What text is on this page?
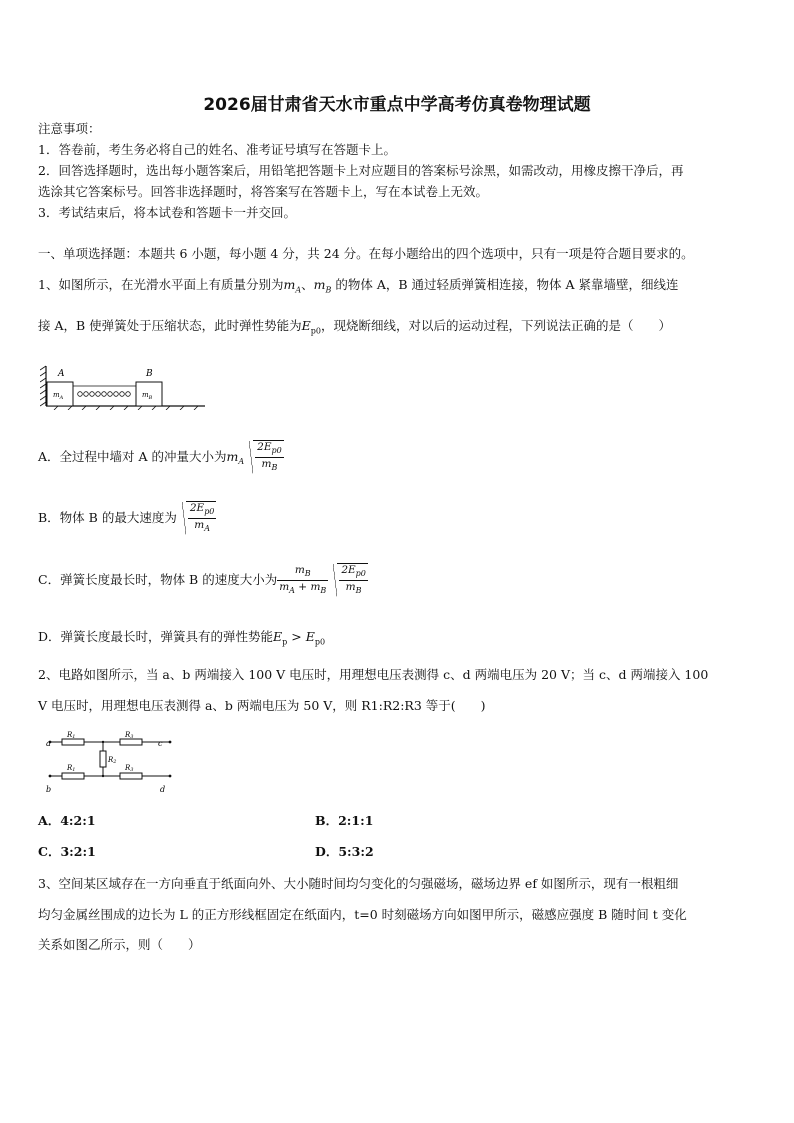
2026届甘肃省天水市重点中学高考仿真卷物理试题
注意事项：
1．答卷前，考生务必将自己的姓名、准考证号填写在答题卡上。
2．回答选择题时，选出每小题答案后，用铅笔把答题卡上对应题目的答案标号涂黑，如需改动，用橡皮擦干净后，再
选涂其它答案标号。回答非选择题时，将答案写在答题卡上，写在本试卷上无效。
3．考试结束后，将本试卷和答题卡一并交回。
一、单项选择题：本题共 6 小题，每小题 4 分，共 24 分。在每小题给出的四个选项中，只有一项是符合题目要求的。
1、如图所示，在光滑水平面上有质量分别为$m_A$、$m_B$ 的物体 A，B 通过轻质弹簧相连接，物体 A 紧靠墙壁，细线连
接 A，B 使弹簧处于压缩状态，此时弹性势能为$E_{p0}$，现烧断细线，对以后的运动过程，下列说法正确的是（　　）
A	B
$m_A$	$m_B$
A．全过程中墙对 A 的冲量大小为$m_A \frac{2E_{p0}}{m_B}$
B．物体 B 的最大速度为 $\frac{2E_{p0}}{m_A}$
C．弹簧长度最长时，物体 B 的速度大小为 $\frac{m_B}{m_A + m_B} \frac{2E_{p0}}{m_B}$
D．弹簧长度最长时，弹簧具有的弹性势能$E_p > E_{p0}$
2、电路如图所示，当 a、b 两端接入 100 V 电压时，用理想电压表测得 c、d 两端电压为 20 V；当 c、d 两端接入 100
V 电压时，用理想电压表测得 a、b 两端电压为 50 V，则 R1:R2:R3 等于(　　)
a
b
c
d
R1	R3
R1	R3
R2
A．4:2:1	B．2:1:1
C．3:2:1	D．5:3:2
3、空间某区域存在一方向垂直于纸面向外、大小随时间均匀变化的匀强磁场，磁场边界 ef 如图所示，现有一根粗细
均匀金属丝围成的边长为 L 的正方形线框固定在纸面内，t=0 时刻磁场方向如图甲所示，磁感应强度 B 随时间 t 变化
关系如图乙所示，则（　　）
